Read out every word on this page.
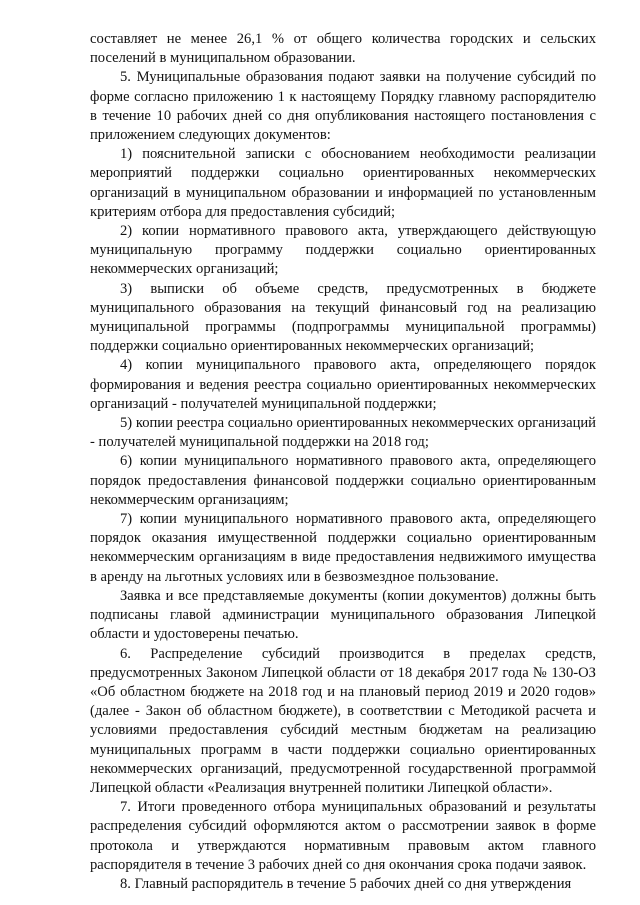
составляет не менее 26,1 % от общего количества городских и сельских поселений в муниципальном образовании.

5. Муниципальные образования подают заявки на получение субсидий по форме согласно приложению 1 к настоящему Порядку главному распорядителю в течение 10 рабочих дней со дня опубликования настоящего постановления с приложением следующих документов:

1) пояснительной записки с обоснованием необходимости реализации мероприятий поддержки социально ориентированных некоммерческих организаций в муниципальном образовании и информацией по установленным критериям отбора для предоставления субсидий;

2) копии нормативного правового акта, утверждающего действующую муниципальную программу поддержки социально ориентированных некоммерческих организаций;

3) выписки об объеме средств, предусмотренных в бюджете муниципального образования на текущий финансовый год на реализацию муниципальной программы (подпрограммы муниципальной программы) поддержки социально ориентированных некоммерческих организаций;

4) копии муниципального правового акта, определяющего порядок формирования и ведения реестра социально ориентированных некоммерческих организаций - получателей муниципальной поддержки;

5) копии реестра социально ориентированных некоммерческих организаций - получателей муниципальной поддержки на 2018 год;

6) копии муниципального нормативного правового акта, определяющего порядок предоставления финансовой поддержки социально ориентированным некоммерческим организациям;

7) копии муниципального нормативного правового акта, определяющего порядок оказания имущественной поддержки социально ориентированным некоммерческим организациям в виде предоставления недвижимого имущества в аренду на льготных условиях или в безвозмездное пользование.

Заявка и все представляемые документы (копии документов) должны быть подписаны главой администрации муниципального образования Липецкой области и удостоверены печатью.

6. Распределение субсидий производится в пределах средств, предусмотренных Законом Липецкой области от 18 декабря 2017 года № 130-ОЗ «Об областном бюджете на 2018 год и на плановый период 2019 и 2020 годов» (далее - Закон об областном бюджете), в соответствии с Методикой расчета и условиями предоставления субсидий местным бюджетам на реализацию муниципальных программ в части поддержки социально ориентированных некоммерческих организаций, предусмотренной государственной программой Липецкой области «Реализация внутренней политики Липецкой области».

7. Итоги проведенного отбора муниципальных образований и результаты распределения субсидий оформляются актом о рассмотрении заявок в форме протокола и утверждаются нормативным правовым актом главного распорядителя в течение 3 рабочих дней со дня окончания срока подачи заявок.

8. Главный распорядитель в течение 5 рабочих дней со дня утверждения
